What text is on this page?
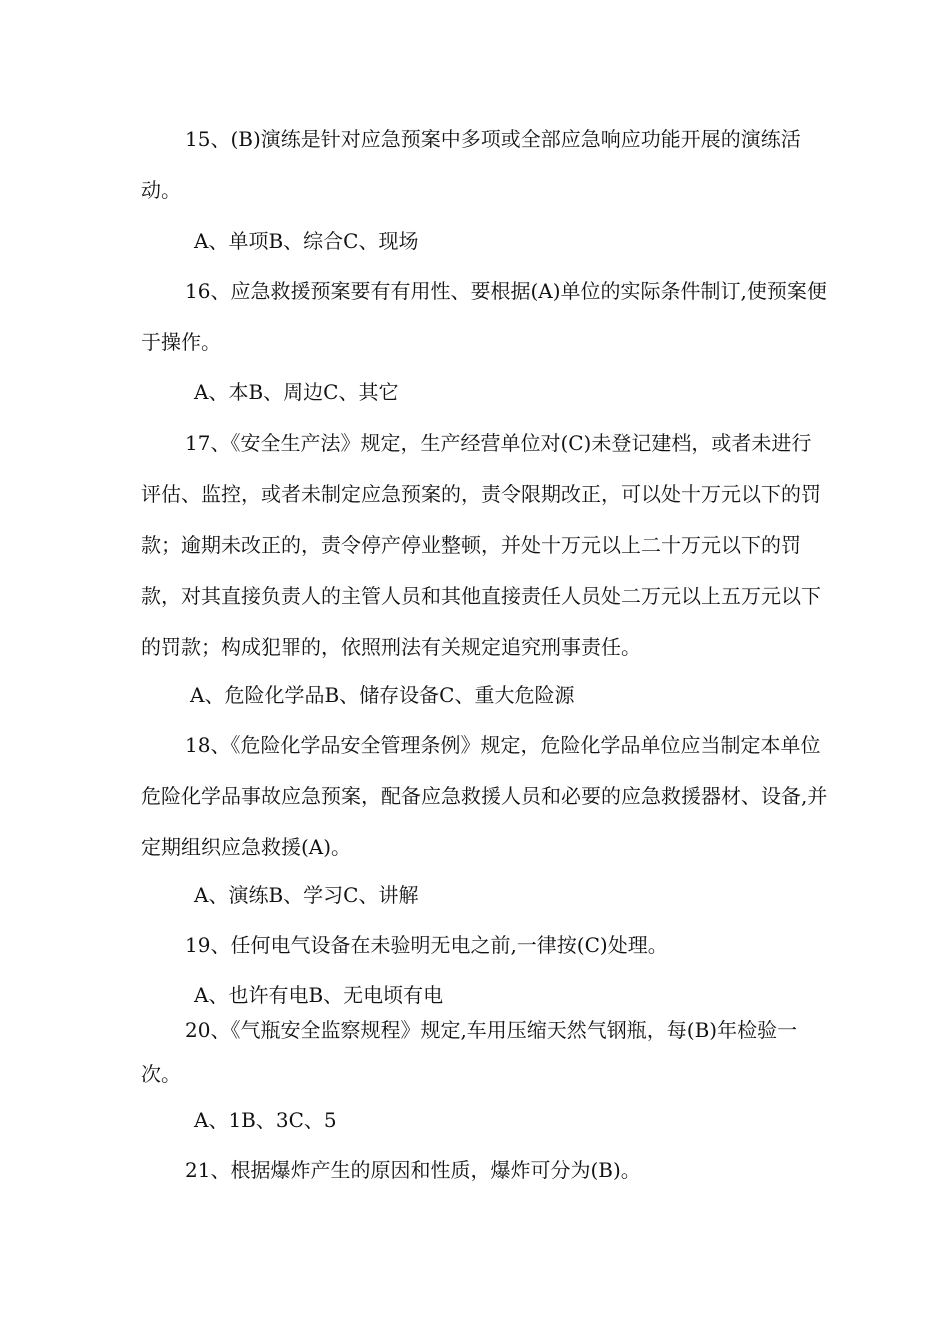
15、(B)演练是针对应急预案中多项或全部应急响应功能开展的演练活动。

A、单项B、综合C、现场

16、应急救援预案要有有用性、要根据(A)单位的实际条件制订,使预案便于操作。

A、本B、周边C、其它

17、《安全生产法》规定，生产经营单位对(C)未登记建档，或者未进行评估、监控，或者未制定应急预案的，责令限期改正，可以处十万元以下的罚款；逾期未改正的，责令停产停业整顿，并处十万元以上二十万元以下的罚款，对其直接负责人的主管人员和其他直接责任人员处二万元以上五万元以下的罚款；构成犯罪的，依照刑法有关规定追究刑事责任。

A、危险化学品B、储存设备C、重大危险源

18、《危险化学品安全管理条例》规定，危险化学品单位应当制定本单位危险化学品事故应急预案，配备应急救援人员和必要的应急救援器材、设备,并定期组织应急救援(A)。

A、演练B、学习C、讲解

19、任何电气设备在未验明无电之前,一律按(C)处理。

A、也许有电B、无电顷有电

20、《气瓶安全监察规程》规定,车用压缩天然气钢瓶，每(B)年检验一次。

A、1B、3C、5

21、根据爆炸产生的原因和性质，爆炸可分为(B)。
